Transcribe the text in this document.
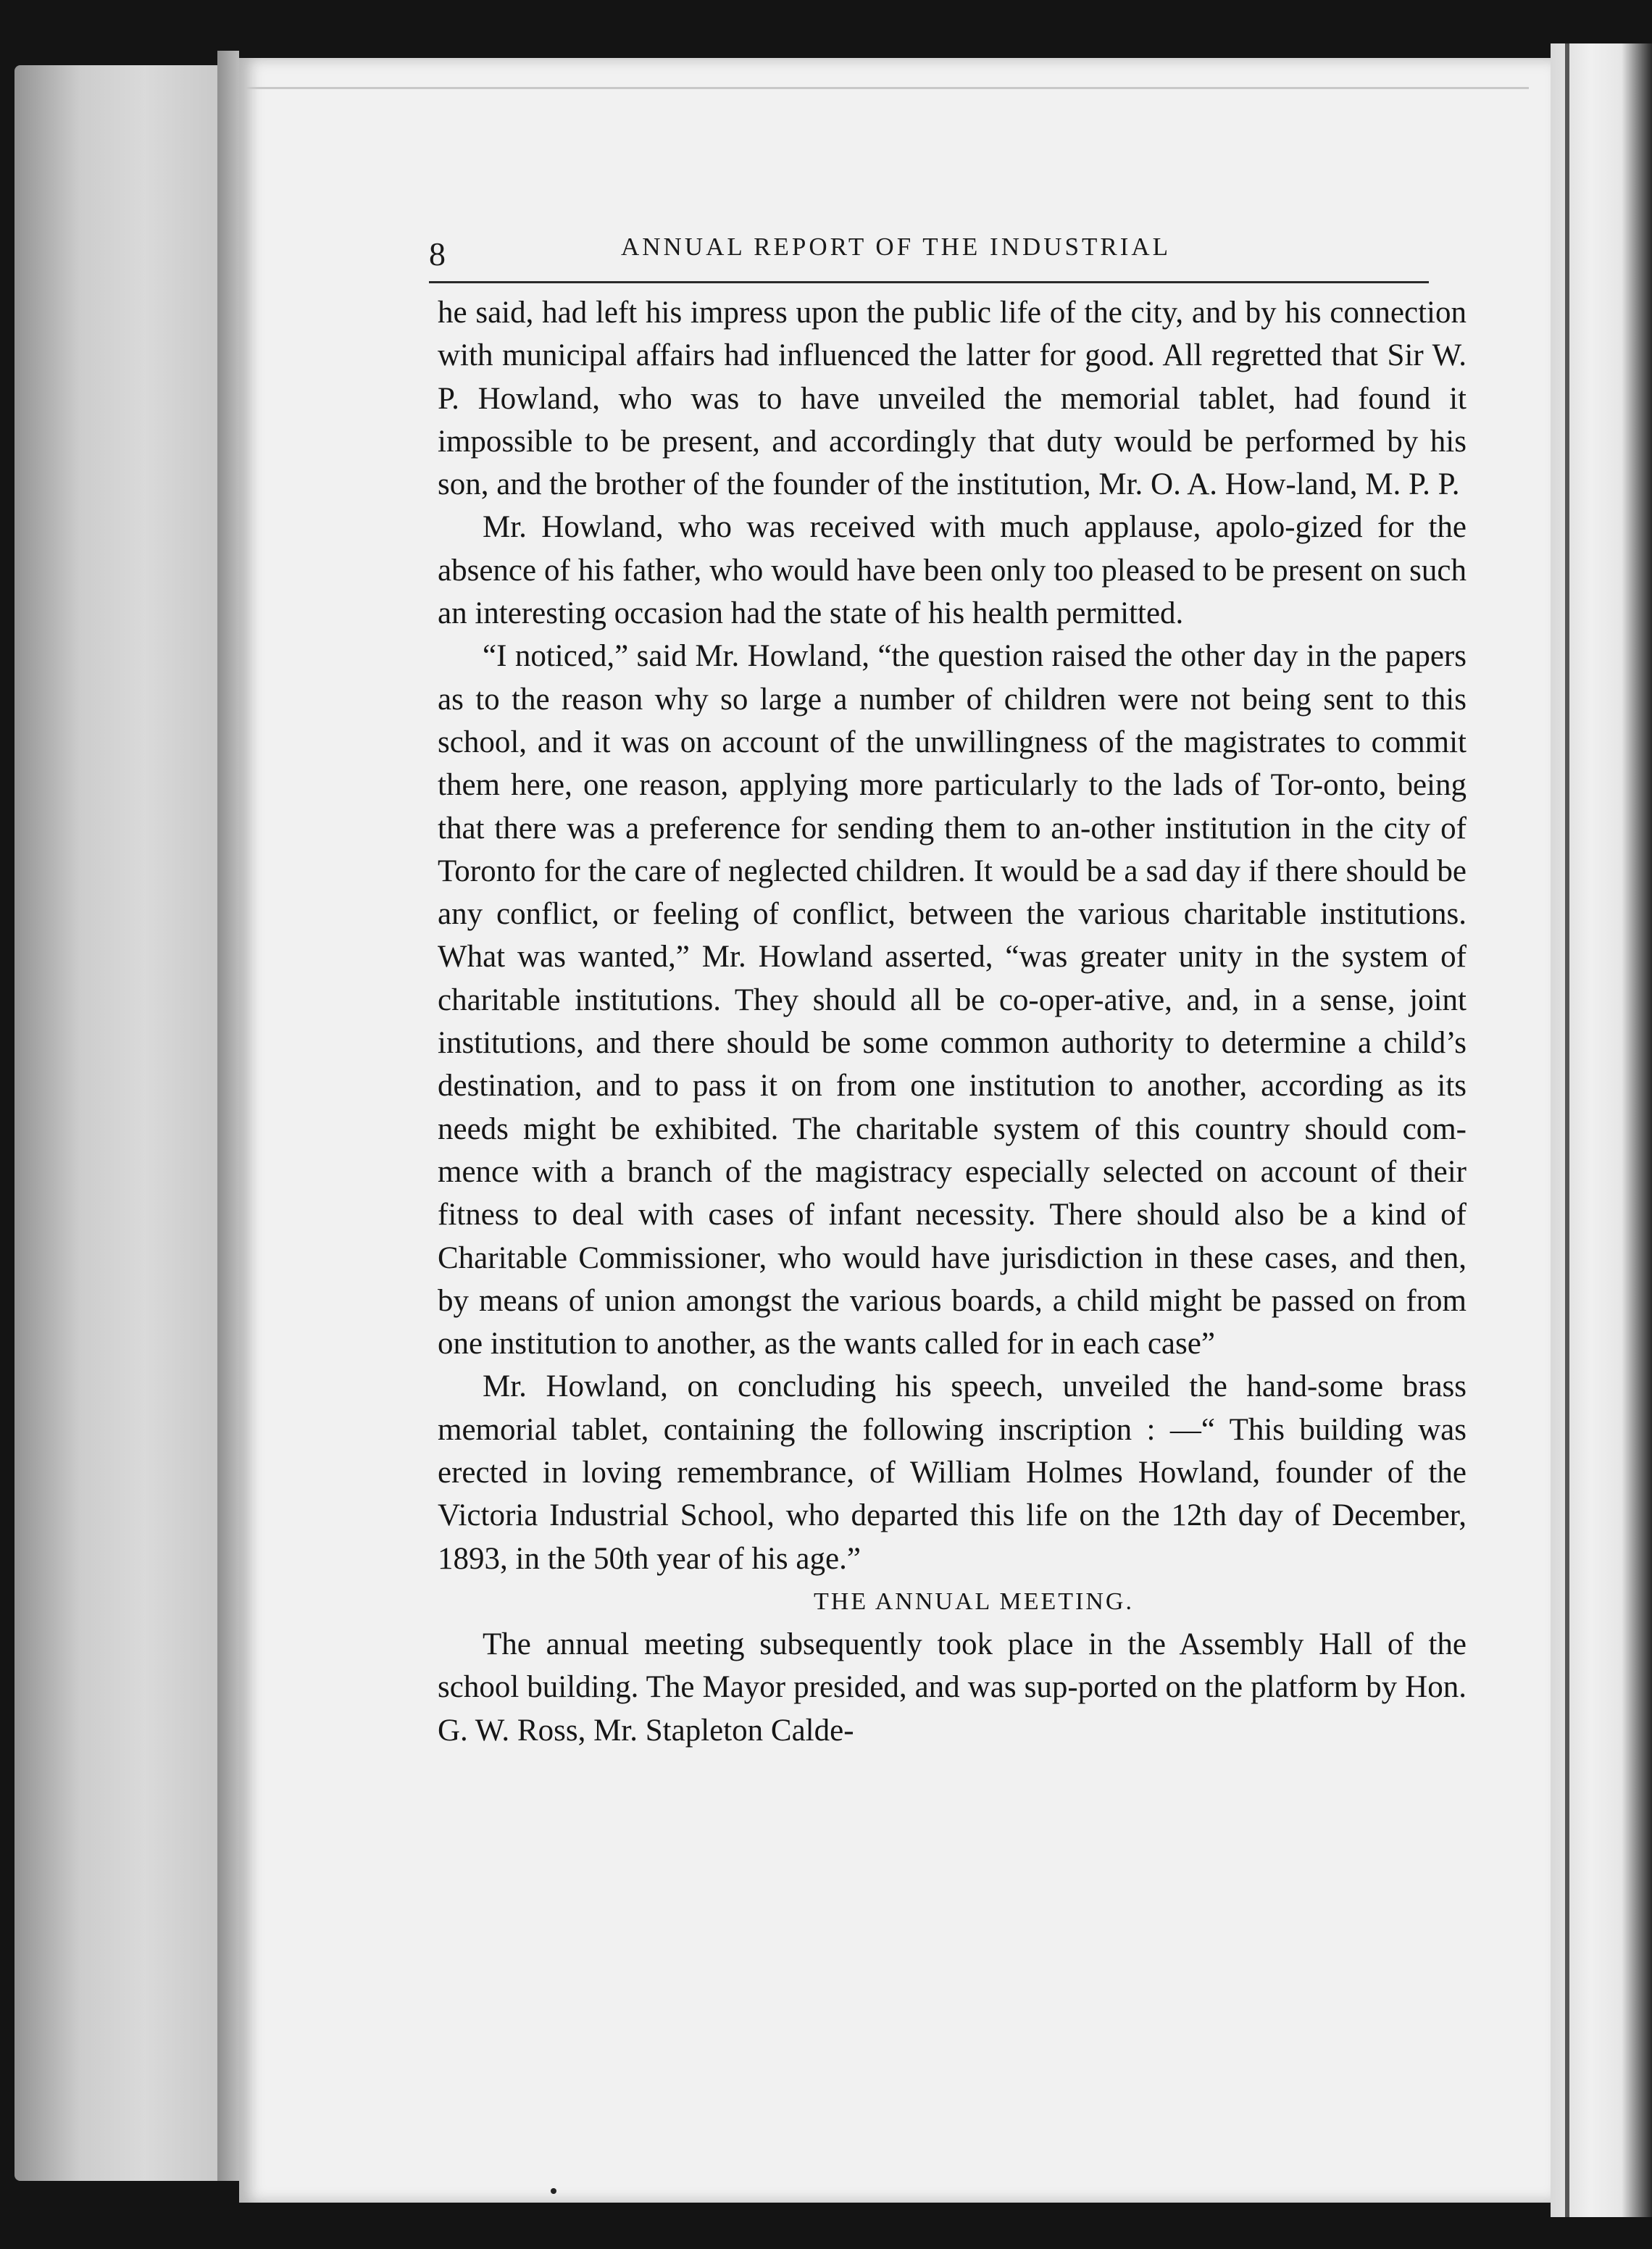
8	ANNUAL REPORT OF THE INDUSTRIAL

he said, had left his impress upon the public life of the city, and by his connection with municipal affairs had influenced the latter for good. All regretted that Sir W. P. Howland, who was to have unveiled the memorial tablet, had found it impossible to be present, and accordingly that duty would be performed by his son, and the brother of the founder of the institution, Mr. O. A. How-land, M. P. P.

Mr. Howland, who was received with much applause, apolo-gized for the absence of his father, who would have been only too pleased to be present on such an interesting occasion had the state of his health permitted.

“I noticed,” said Mr. Howland, “the question raised the other day in the papers as to the reason why so large a number of children were not being sent to this school, and it was on account of the unwillingness of the magistrates to commit them here, one reason, applying more particularly to the lads of Tor-onto, being that there was a preference for sending them to an-other institution in the city of Toronto for the care of neglected children. It would be a sad day if there should be any conflict, or feeling of conflict, between the various charitable institutions. What was wanted,” Mr. Howland asserted, “was greater unity in the system of charitable institutions. They should all be co-oper-ative, and, in a sense, joint institutions, and there should be some common authority to determine a child’s destination, and to pass it on from one institution to another, according as its needs might be exhibited. The charitable system of this country should com-mence with a branch of the magistracy especially selected on account of their fitness to deal with cases of infant necessity. There should also be a kind of Charitable Commissioner, who would have jurisdiction in these cases, and then, by means of union amongst the various boards, a child might be passed on from one institution to another, as the wants called for in each case”

Mr. Howland, on concluding his speech, unveiled the hand-some brass memorial tablet, containing the following inscription : —“ This building was erected in loving remembrance, of William Holmes Howland, founder of the Victoria Industrial School, who departed this life on the 12th day of December, 1893, in the 50th year of his age.”

THE ANNUAL MEETING.

The annual meeting subsequently took place in the Assembly Hall of the school building. The Mayor presided, and was sup-ported on the platform by Hon. G. W. Ross, Mr. Stapleton Calde-
